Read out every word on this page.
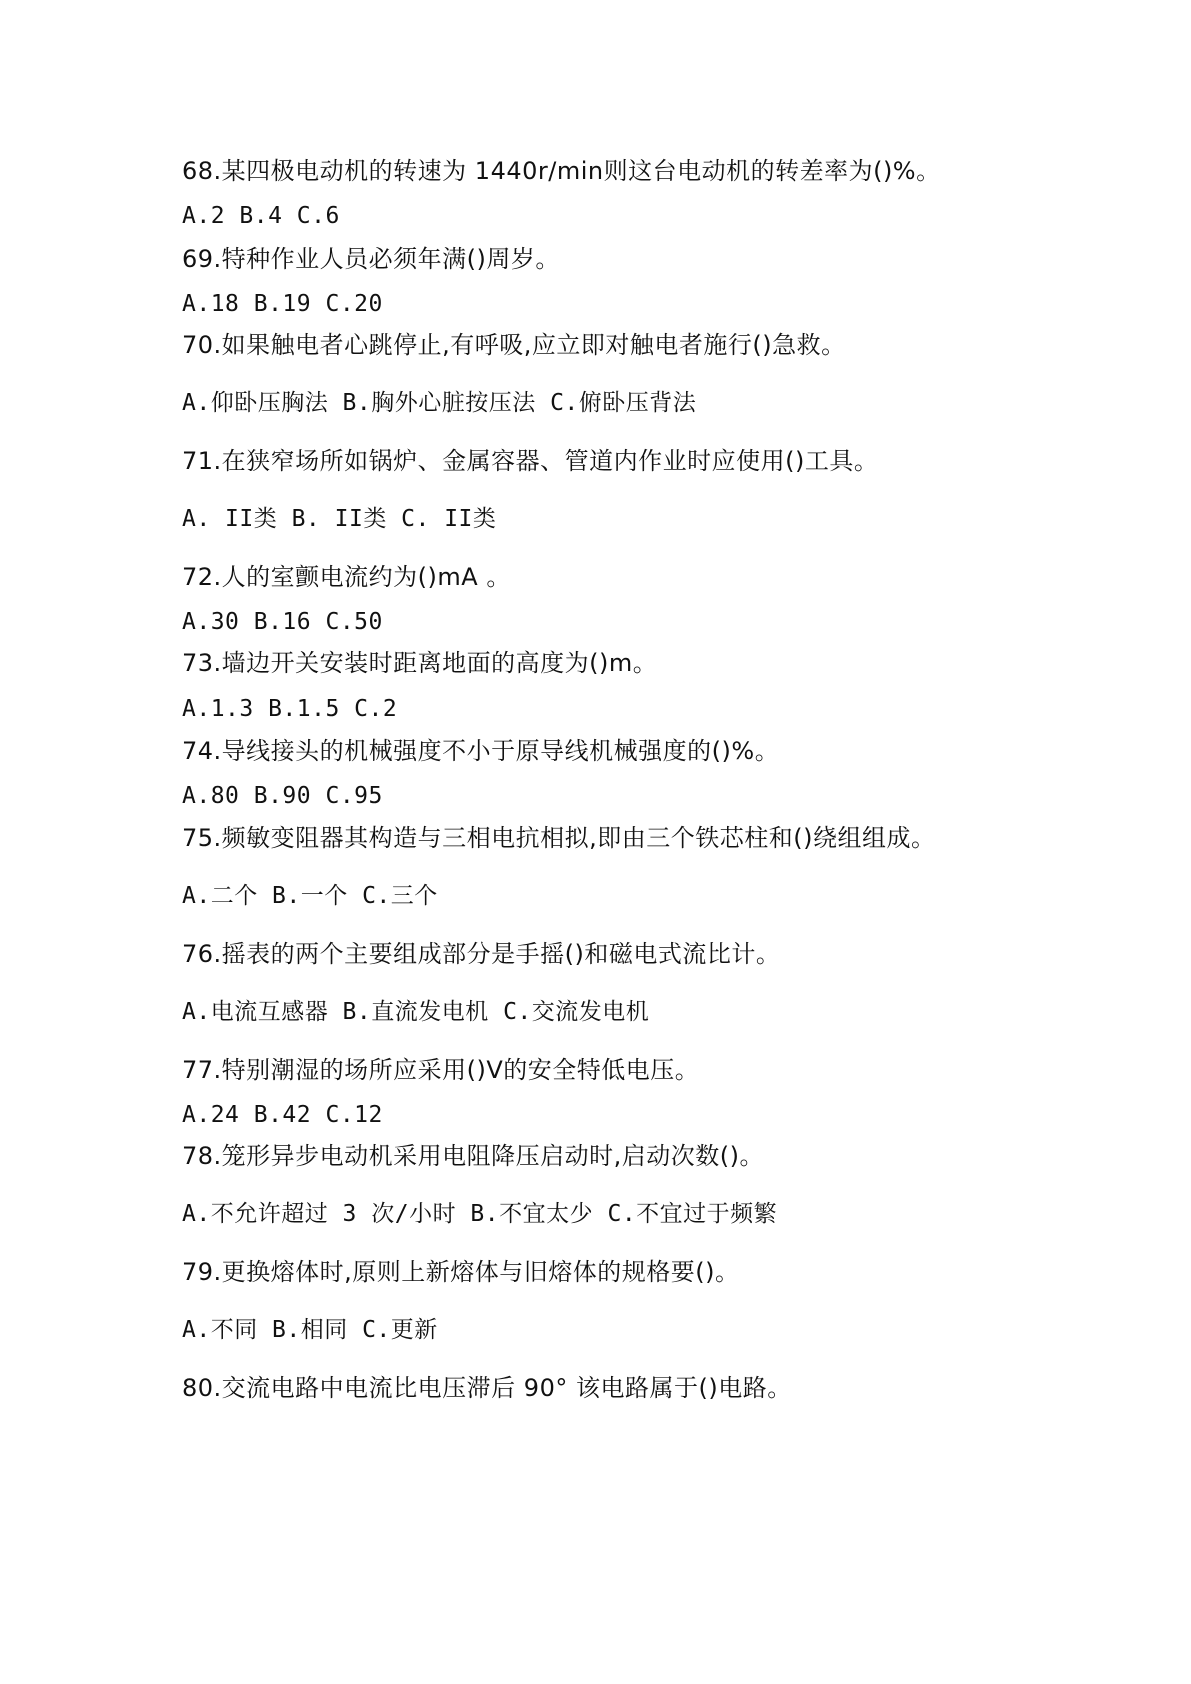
68.某四极电动机的转速为 1440r/min则这台电动机的转差率为()%。
A.2 B.4 C.6
69.特种作业人员必须年满()周岁。
A.18 B.19 C.20
70.如果触电者心跳停止,有呼吸,应立即对触电者施行()急救。
A.仰卧压胸法 B.胸外心脏按压法 C.俯卧压背法
71.在狭窄场所如锅炉、金属容器、管道内作业时应使用()工具。
A. II类 B. II类 C. II类
72.人的室颤电流约为()mA 。
A.30 B.16 C.50
73.墙边开关安装时距离地面的高度为()m。
A.1.3 B.1.5 C.2
74.导线接头的机械强度不小于原导线机械强度的()%。
A.80 B.90 C.95
75.频敏变阻器其构造与三相电抗相拟,即由三个铁芯柱和()绕组组成。
A.二个 B.一个 C.三个
76.摇表的两个主要组成部分是手摇()和磁电式流比计。
A.电流互感器 B.直流发电机 C.交流发电机
77.特别潮湿的场所应采用()V的安全特低电压。
A.24 B.42 C.12
78.笼形异步电动机采用电阻降压启动时,启动次数()。
A.不允许超过 3 次/小时 B.不宜太少 C.不宜过于频繁
79.更换熔体时,原则上新熔体与旧熔体的规格要()。
A.不同 B.相同 C.更新
80.交流电路中电流比电压滞后 90° 该电路属于()电路。
